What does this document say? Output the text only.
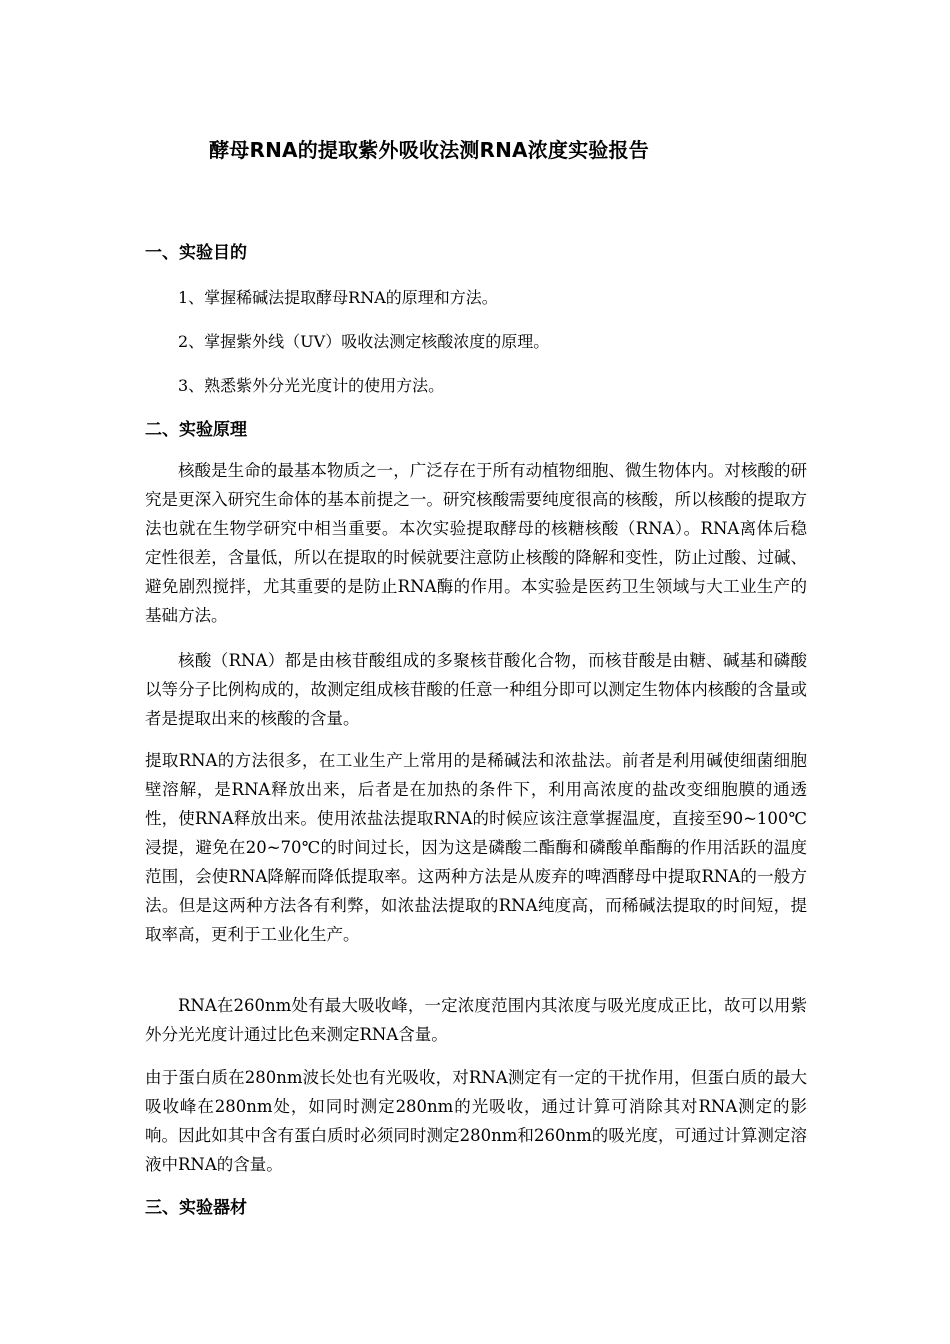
酵母RNA的提取紫外吸收法测RNA浓度实验报告
一、实验目的
1、掌握稀碱法提取酵母RNA的原理和方法。
2、掌握紫外线（UV）吸收法测定核酸浓度的原理。
3、熟悉紫外分光光度计的使用方法。
二、实验原理
核酸是生命的最基本物质之一，广泛存在于所有动植物细胞、微生物体内。对核酸的研究是更深入研究生命体的基本前提之一。研究核酸需要纯度很高的核酸，所以核酸的提取方法也就在生物学研究中相当重要。本次实验提取酵母的核糖核酸（RNA）。RNA离体后稳定性很差，含量低，所以在提取的时候就要注意防止核酸的降解和变性，防止过酸、过碱、避免剧烈搅拌，尤其重要的是防止RNA酶的作用。本实验是医药卫生领域与大工业生产的基础方法。
核酸（RNA）都是由核苷酸组成的多聚核苷酸化合物，而核苷酸是由糖、碱基和磷酸以等分子比例构成的，故测定组成核苷酸的任意一种组分即可以测定生物体内核酸的含量或者是提取出来的核酸的含量。
提取RNA的方法很多，在工业生产上常用的是稀碱法和浓盐法。前者是利用碱使细菌细胞壁溶解，是RNA释放出来，后者是在加热的条件下，利用高浓度的盐改变细胞膜的通透性，使RNA释放出来。使用浓盐法提取RNA的时候应该注意掌握温度，直接至90~100℃浸提，避免在20~70℃的时间过长，因为这是磷酸二酯酶和磷酸单酯酶的作用活跃的温度范围，会使RNA降解而降低提取率。这两种方法是从废弃的啤酒酵母中提取RNA的一般方法。但是这两种方法各有利弊，如浓盐法提取的RNA纯度高，而稀碱法提取的时间短，提取率高，更利于工业化生产。
RNA在260nm处有最大吸收峰，一定浓度范围内其浓度与吸光度成正比，故可以用紫外分光光度计通过比色来测定RNA含量。
由于蛋白质在280nm波长处也有光吸收，对RNA测定有一定的干扰作用，但蛋白质的最大吸收峰在280nm处，如同时测定280nm的光吸收，通过计算可消除其对RNA测定的影响。因此如其中含有蛋白质时必须同时测定280nm和260nm的吸光度，可通过计算测定溶液中RNA的含量。
三、实验器材
